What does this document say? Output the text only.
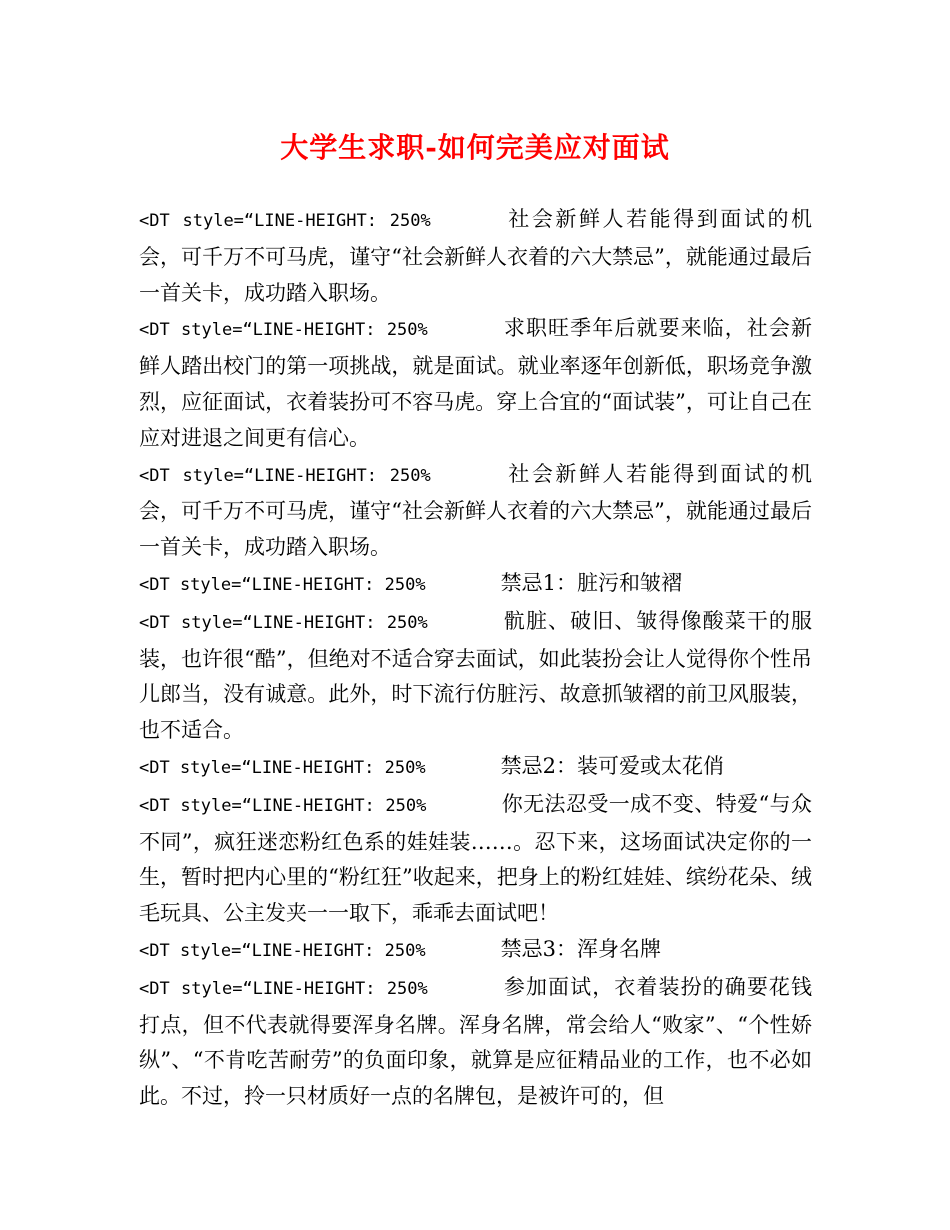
大学生求职-如何完美应对面试

<DT style=“LINE-HEIGHT: 250%	社会新鲜人若能得到面试的机会，可千万不可马虎，谨守“社会新鲜人衣着的六大禁忌”，就能通过最后一首关卡，成功踏入职场。

<DT style=“LINE-HEIGHT: 250%	求职旺季年后就要来临，社会新鲜人踏出校门的第一项挑战，就是面试。就业率逐年创新低，职场竞争激烈，应征面试，衣着装扮可不容马虎。穿上合宜的“面试装”，可让自己在应对进退之间更有信心。

<DT style=“LINE-HEIGHT: 250%	社会新鲜人若能得到面试的机会，可千万不可马虎，谨守“社会新鲜人衣着的六大禁忌”，就能通过最后一首关卡，成功踏入职场。

<DT style=“LINE-HEIGHT: 250%	禁忌1：脏污和皱褶

<DT style=“LINE-HEIGHT: 250%	骯脏、破旧、皱得像酸菜干的服装，也许很“酷”，但绝对不适合穿去面试，如此装扮会让人觉得你个性吊儿郎当，没有诚意。此外，时下流行仿脏污、故意抓皱褶的前卫风服装，也不适合。

<DT style=“LINE-HEIGHT: 250%	禁忌2：装可爱或太花俏

<DT style=“LINE-HEIGHT: 250%	你无法忍受一成不变、特爱“与众不同”，疯狂迷恋粉红色系的娃娃装……。忍下来，这场面试决定你的一生，暂时把内心里的“粉红狂”收起来，把身上的粉红娃娃、缤纷花朵、绒毛玩具、公主发夹一一取下，乖乖去面试吧！

<DT style=“LINE-HEIGHT: 250%	禁忌3：浑身名牌

<DT style=“LINE-HEIGHT: 250%	参加面试，衣着装扮的确要花钱打点，但不代表就得要浑身名牌。浑身名牌，常会给人“败家”、“个性娇纵”、“不肯吃苦耐劳”的负面印象，就算是应征精品业的工作，也不必如此。不过，拎一只材质好一点的名牌包，是被许可的，但
